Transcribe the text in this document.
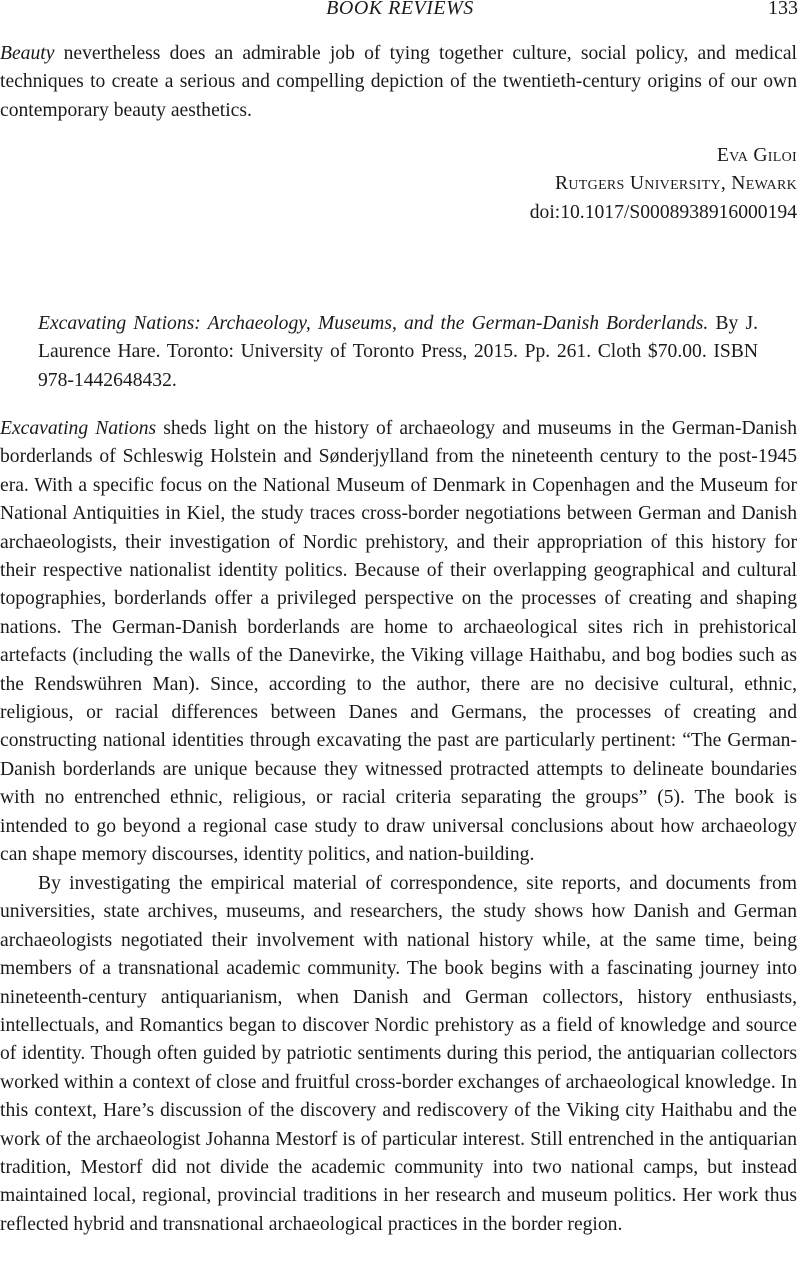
BOOK REVIEWS	133

Beauty nevertheless does an admirable job of tying together culture, social policy, and medical techniques to create a serious and compelling depiction of the twentieth-century origins of our own contemporary beauty aesthetics.

Eva Giloi
Rutgers University, Newark
doi:10.1017/S0008938916000194

Excavating Nations: Archaeology, Museums, and the German-Danish Borderlands. By J. Laurence Hare. Toronto: University of Toronto Press, 2015. Pp. 261. Cloth $70.00. ISBN 978-1442648432.

Excavating Nations sheds light on the history of archaeology and museums in the German-Danish borderlands of Schleswig Holstein and Sønderjylland from the nineteenth century to the post-1945 era. With a specific focus on the National Museum of Denmark in Copenhagen and the Museum for National Antiquities in Kiel, the study traces cross-border negotiations between German and Danish archaeologists, their investigation of Nordic prehistory, and their appropriation of this history for their respective nationalist identity politics. Because of their overlapping geographical and cultural topographies, borderlands offer a privileged perspective on the processes of creating and shaping nations. The German-Danish borderlands are home to archaeological sites rich in prehistorical artefacts (including the walls of the Danevirke, the Viking village Haithabu, and bog bodies such as the Rendswühren Man). Since, according to the author, there are no decisive cultural, ethnic, religious, or racial differences between Danes and Germans, the processes of creating and constructing national identities through excavating the past are particularly pertinent: “The German-Danish borderlands are unique because they witnessed protracted attempts to delineate boundaries with no entrenched ethnic, religious, or racial criteria separating the groups” (5). The book is intended to go beyond a regional case study to draw universal conclusions about how archaeology can shape memory discourses, identity politics, and nation-building.

By investigating the empirical material of correspondence, site reports, and documents from universities, state archives, museums, and researchers, the study shows how Danish and German archaeologists negotiated their involvement with national history while, at the same time, being members of a transnational academic community. The book begins with a fascinating journey into nineteenth-century antiquarianism, when Danish and German collectors, history enthusiasts, intellectuals, and Romantics began to discover Nordic prehistory as a field of knowledge and source of identity. Though often guided by patriotic sentiments during this period, the antiquarian collectors worked within a context of close and fruitful cross-border exchanges of archaeological knowledge. In this context, Hare’s discussion of the discovery and rediscovery of the Viking city Haithabu and the work of the archaeologist Johanna Mestorf is of particular interest. Still entrenched in the antiquarian tradition, Mestorf did not divide the academic community into two national camps, but instead maintained local, regional, provincial traditions in her research and museum politics. Her work thus reflected hybrid and transnational archaeological practices in the border region.
